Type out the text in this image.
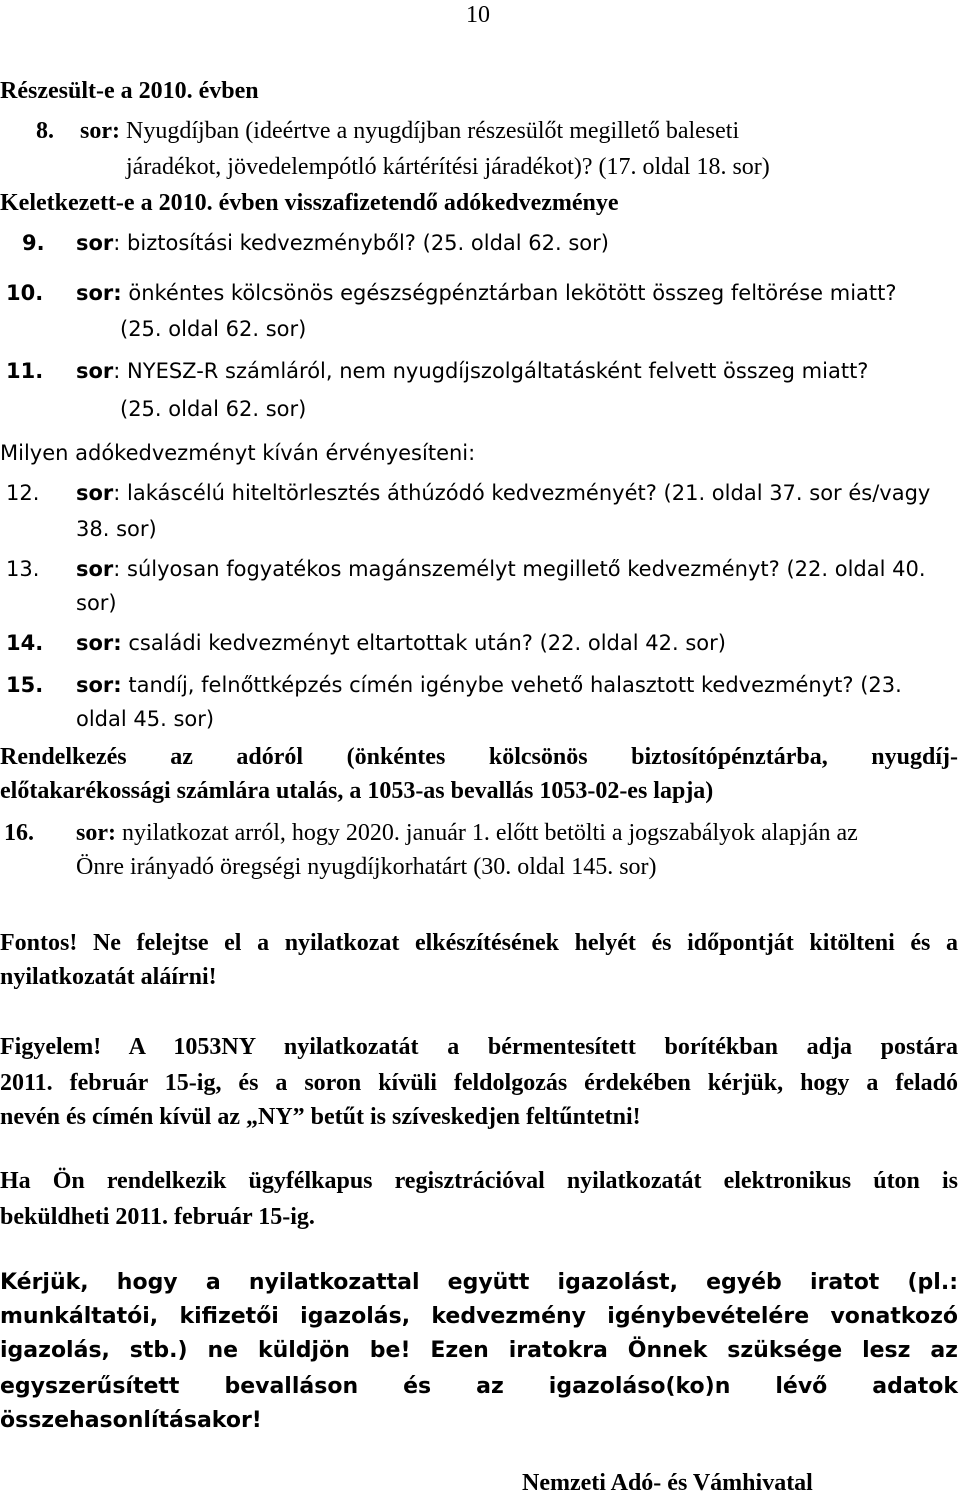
10
Részesült-e a 2010. évben
8. sor: Nyugdíjban (ideértve a nyugdíjban részesülőt megillető baleseti
járadékot, jövedelempótló kártérítési járadékot)? (17. oldal 18. sor)
Keletkezett-e a 2010. évben visszafizetendő adókedvezménye
9. sor: biztosítási kedvezményből? (25. oldal 62. sor)
10. sor: önkéntes kölcsönös egészségpénztárban lekötött összeg feltörése miatt?
(25. oldal 62. sor)
11. sor: NYESZ-R számláról, nem nyugdíjszolgáltatásként felvett összeg miatt?
(25. oldal 62. sor)
Milyen adókedvezményt kíván érvényesíteni:
12. sor: lakáscélú hiteltörlesztés áthúzódó kedvezményét? (21. oldal 37. sor és/vagy
38. sor)
13. sor: súlyosan fogyatékos magánszemélyt megillető kedvezményt? (22. oldal 40.
sor)
14. sor: családi kedvezményt eltartottak után? (22. oldal 42. sor)
15. sor: tandíj, felnőttképzés címén igénybe vehető halasztott kedvezményt? (23.
oldal 45. sor)
Rendelkezés az adóról (önkéntes kölcsönös biztosítópénztárba, nyugdíj-
előtakarékossági számlára utalás, a 1053-as bevallás 1053-02-es lapja)
16. sor: nyilatkozat arról, hogy 2020. január 1. előtt betölti a jogszabályok alapján az
Önre irányadó öregségi nyugdíjkorhatárt (30. oldal 145. sor)
Fontos! Ne felejtse el a nyilatkozat elkészítésének helyét és időpontját kitölteni és a
nyilatkozatát aláírni!
Figyelem! A 1053NY nyilatkozatát a bérmentesített borítékban adja postára
2011. február 15-ig, és a soron kívüli feldolgozás érdekében kérjük, hogy a feladó
nevén és címén kívül az „NY” betűt is szíveskedjen feltűntetni!
Ha Ön rendelkezik ügyfélkapus regisztrációval nyilatkozatát elektronikus úton is
beküldheti 2011. február 15-ig.
Kérjük, hogy a nyilatkozattal együtt igazolást, egyéb iratot (pl.:
munkáltatói, kifizetői igazolás, kedvezmény igénybevételére vonatkozó
igazolás, stb.) ne küldjön be! Ezen iratokra Önnek szüksége lesz az
egyszerűsített bevalláson és az igazoláso(ko)n lévő adatok
összehasonlításakor!
Nemzeti Adó- és Vámhivatal
